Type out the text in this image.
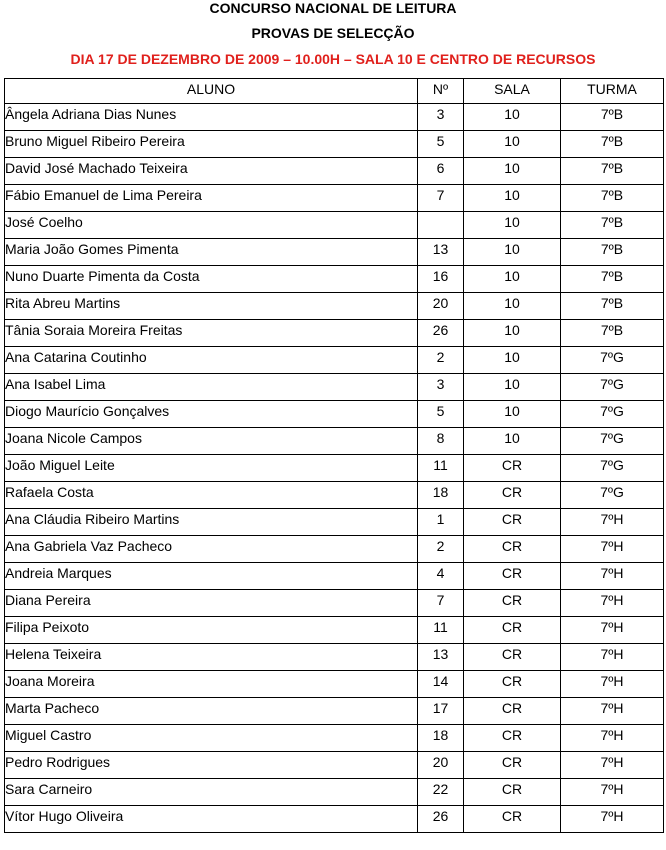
CONCURSO NACIONAL DE LEITURA
PROVAS DE SELECÇÃO
DIA 17 DE DEZEMBRO DE 2009 – 10.00H – SALA 10 E CENTRO DE RECURSOS
ALUNO	Nº	SALA	TURMA
Ângela Adriana Dias Nunes	3	10	7ºB
Bruno Miguel Ribeiro Pereira	5	10	7ºB
David José Machado Teixeira	6	10	7ºB
Fábio Emanuel de Lima Pereira	7	10	7ºB
José Coelho		10	7ºB
Maria João Gomes Pimenta	13	10	7ºB
Nuno Duarte Pimenta da Costa	16	10	7ºB
Rita Abreu Martins	20	10	7ºB
Tânia Soraia Moreira Freitas	26	10	7ºB
Ana Catarina Coutinho	2	10	7ºG
Ana Isabel Lima	3	10	7ºG
Diogo Maurício Gonçalves	5	10	7ºG
Joana Nicole Campos	8	10	7ºG
João Miguel Leite	11	CR	7ºG
Rafaela Costa	18	CR	7ºG
Ana Cláudia Ribeiro Martins	1	CR	7ºH
Ana Gabriela Vaz Pacheco	2	CR	7ºH
Andreia Marques	4	CR	7ºH
Diana Pereira	7	CR	7ºH
Filipa Peixoto	11	CR	7ºH
Helena Teixeira	13	CR	7ºH
Joana Moreira	14	CR	7ºH
Marta Pacheco	17	CR	7ºH
Miguel Castro	18	CR	7ºH
Pedro Rodrigues	20	CR	7ºH
Sara Carneiro	22	CR	7ºH
Vítor Hugo Oliveira	26	CR	7ºH
